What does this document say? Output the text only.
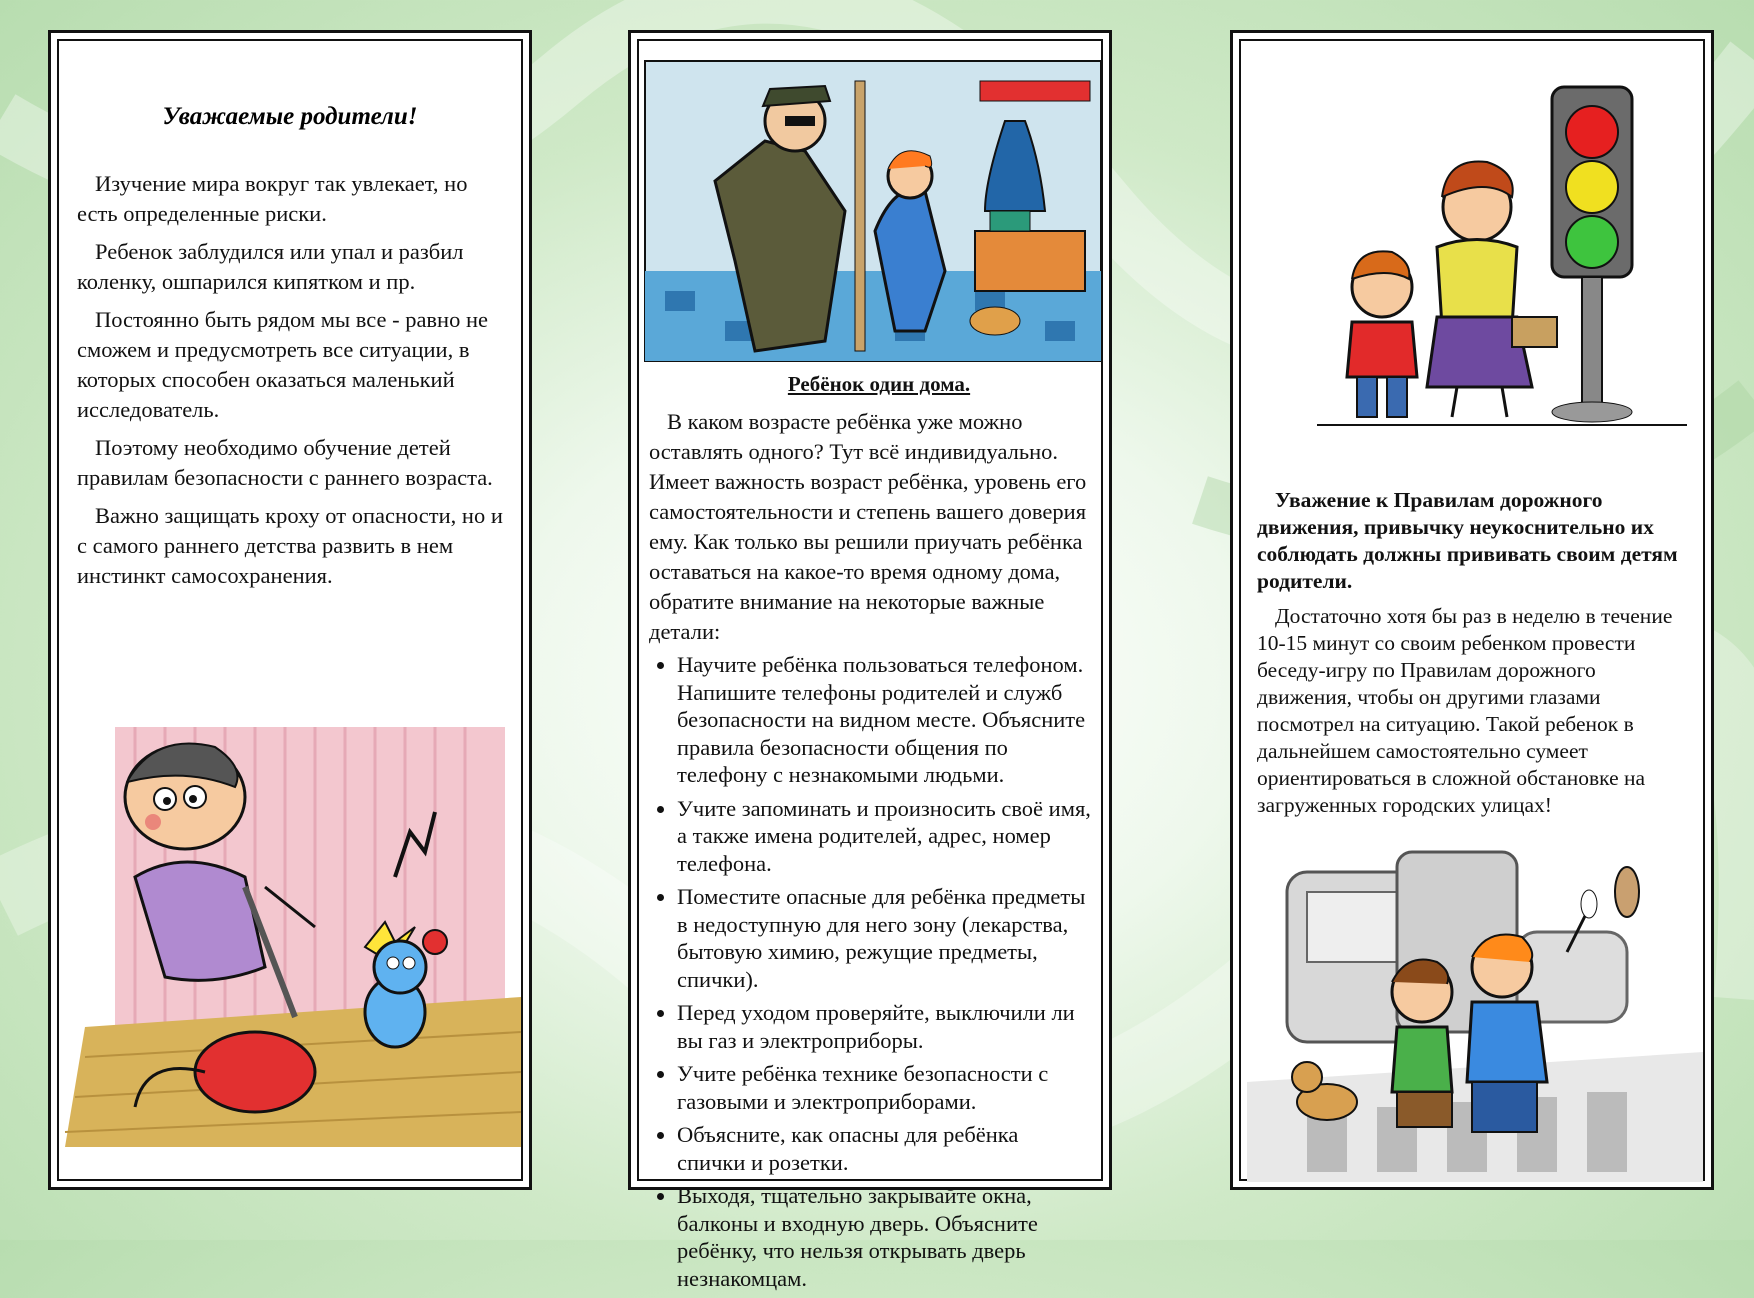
Уважаемые родители!

Изучение мира вокруг так увлекает, но есть определенные риски.

Ребенок заблудился или упал и разбил коленку, ошпарился кипятком и пр.

Постоянно быть рядом мы все - равно не сможем и предусмотреть все ситуации, в которых способен оказаться маленький исследователь.

Поэтому необходимо обучение детей правилам безопасности с раннего возраста.

Важно защищать кроху от опасности, но и с самого раннего детства развить в нем инстинкт самосохранения.

Ребёнок один дома.

В каком возрасте ребёнка уже можно оставлять одного? Тут всё индивидуально. Имеет важность возраст ребёнка, уровень его самостоятельности и степень вашего доверия ему. Как только вы решили приучать ребёнка оставаться на какое-то время одному дома, обратите внимание на некоторые важные детали:

• Научите ребёнка пользоваться телефоном. Напишите телефоны родителей и служб безопасности на видном месте. Объясните правила безопасности общения по телефону с незнакомыми людьми.
• Учите запоминать и произносить своё имя, а также имена родителей, адрес, номер телефона.
• Поместите опасные для ребёнка предметы в недоступную для него зону (лекарства, бытовую химию, режущие предметы, спички).
• Перед уходом проверяйте, выключили ли вы газ и электроприборы.
• Учите ребёнка технике безопасности с газовыми и электроприборами.
• Объясните, как опасны для ребёнка спички и розетки.
• Выходя, тщательно закрывайте окна, балконы и входную дверь. Объясните ребёнку, что нельзя открывать дверь незнакомцам.

Уважение к Правилам дорожного движения, привычку неукоснительно их соблюдать должны прививать своим детям родители.

Достаточно хотя бы раз в неделю в течение 10-15 минут со своим ребенком провести беседу-игру по Правилам дорожного движения, чтобы он другими глазами посмотрел на ситуацию. Такой ребенок в дальнейшем самостоятельно сумеет ориентироваться в сложной обстановке на загруженных городских улицах!
